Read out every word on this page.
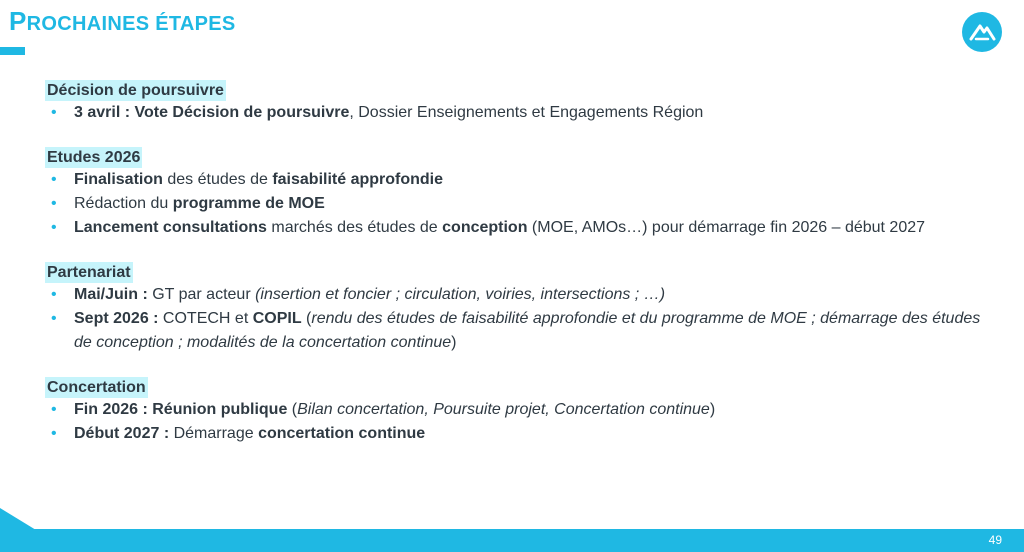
PROCHAINES ÉTAPES

Décision de poursuivre

• 3 avril : Vote Décision de poursuivre, Dossier Enseignements et Engagements Région

Etudes 2026

• Finalisation des études de faisabilité approfondie
• Rédaction du programme de MOE
• Lancement consultations marchés des études de conception (MOE, AMOs…) pour démarrage fin 2026 – début 2027

Partenariat

• Mai/Juin : GT par acteur (insertion et foncier ; circulation, voiries, intersections ; …)
• Sept 2026 : COTECH et COPIL (rendu des études de faisabilité approfondie et du programme de MOE ; démarrage des études de conception ; modalités de la concertation continue)

Concertation

• Fin 2026 : Réunion publique (Bilan concertation, Poursuite projet, Concertation continue)
• Début 2027 : Démarrage concertation continue
49
